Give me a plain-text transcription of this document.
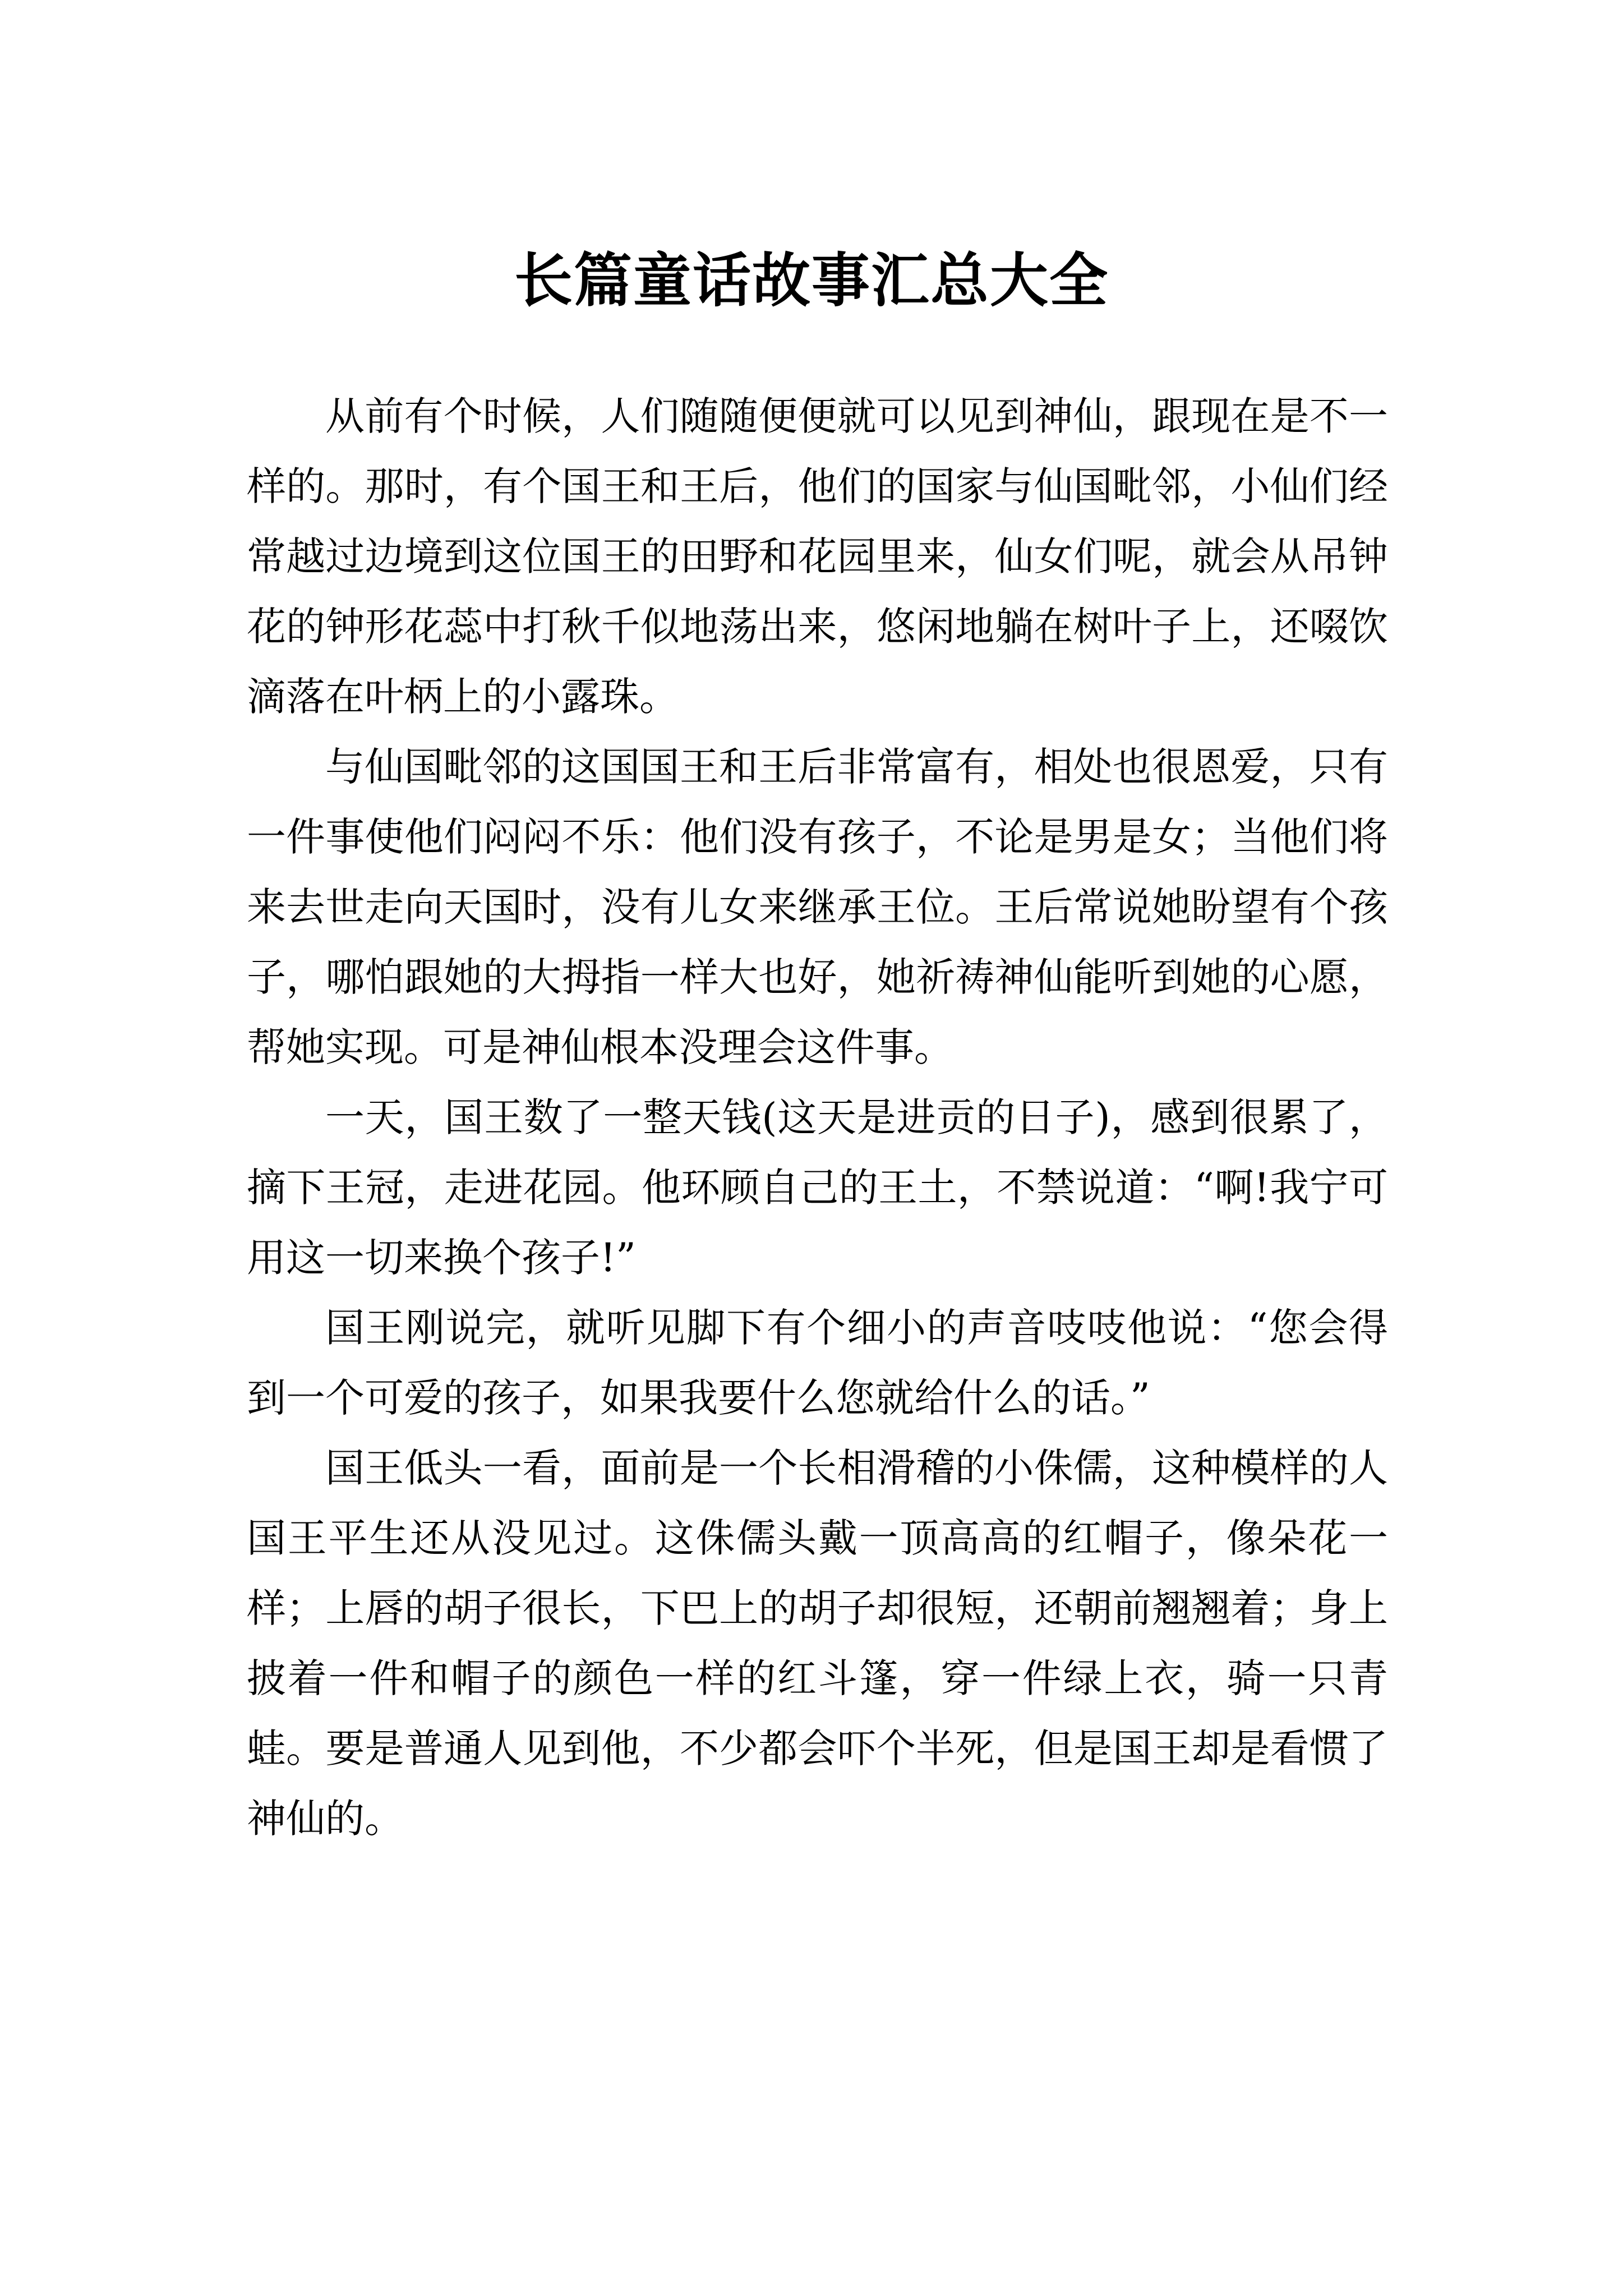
长篇童话故事汇总大全

从前有个时候，人们随随便便就可以见到神仙，跟现在是不一样的。那时，有个国王和王后，他们的国家与仙国毗邻，小仙们经常越过边境到这位国王的田野和花园里来，仙女们呢，就会从吊钟花的钟形花蕊中打秋千似地荡出来，悠闲地躺在树叶子上，还啜饮滴落在叶柄上的小露珠。

与仙国毗邻的这国国王和王后非常富有，相处也很恩爱，只有一件事使他们闷闷不乐：他们没有孩子，不论是男是女；当他们将来去世走向天国时，没有儿女来继承王位。王后常说她盼望有个孩子，哪怕跟她的大拇指一样大也好，她祈祷神仙能听到她的心愿，帮她实现。可是神仙根本没理会这件事。

一天，国王数了一整天钱(这天是进贡的日子)，感到很累了，摘下王冠，走进花园。他环顾自己的王土，不禁说道：“啊!我宁可用这一切来换个孩子!”

国王刚说完，就听见脚下有个细小的声音吱吱他说：“您会得到一个可爱的孩子，如果我要什么您就给什么的话。”

国王低头一看，面前是一个长相滑稽的小侏儒，这种模样的人国王平生还从没见过。这侏儒头戴一顶高高的红帽子，像朵花一样；上唇的胡子很长，下巴上的胡子却很短，还朝前翘翘着；身上披着一件和帽子的颜色一样的红斗篷，穿一件绿上衣，骑一只青蛙。要是普通人见到他，不少都会吓个半死，但是国王却是看惯了神仙的。
